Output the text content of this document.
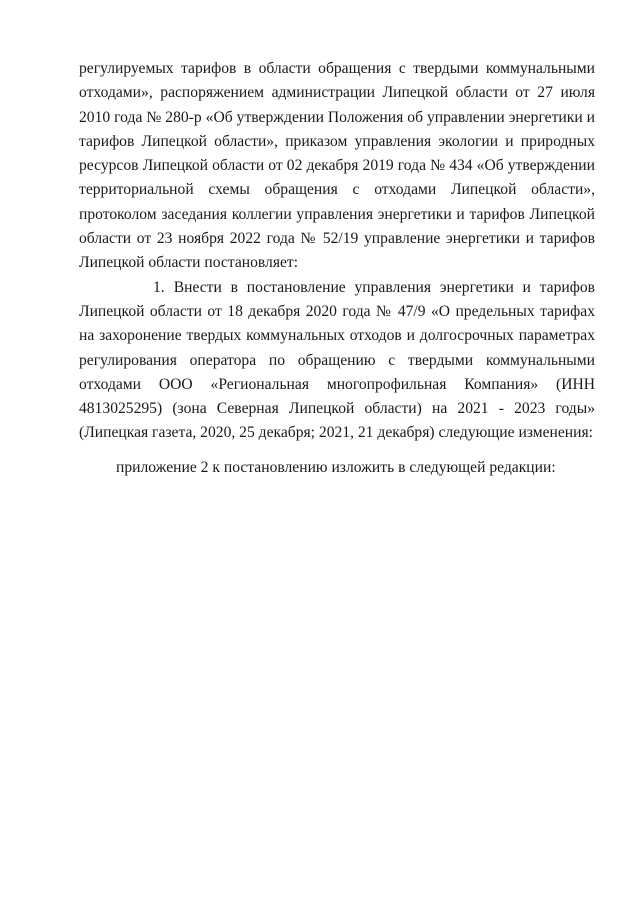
регулируемых тарифов в области обращения с твердыми коммунальными отходами», распоряжением администрации Липецкой области от 27 июля 2010 года № 280-р «Об утверждении Положения об управлении энергетики и тарифов Липецкой области», приказом управления экологии и природных ресурсов Липецкой области от 02 декабря 2019 года № 434 «Об утверждении территориальной схемы обращения с отходами Липецкой области», протоколом заседания коллегии управления энергетики и тарифов Липецкой области от 23 ноября 2022 года № 52/19 управление энергетики и тарифов Липецкой области постановляет:

1. Внести в постановление управления энергетики и тарифов Липецкой области от 18 декабря 2020 года № 47/9 «О предельных тарифах на захоронение твердых коммунальных отходов и долгосрочных параметрах регулирования оператора по обращению с твердыми коммунальными отходами ООО «Региональная многопрофильная Компания» (ИНН 4813025295) (зона Северная Липецкой области) на 2021 - 2023 годы» (Липецкая газета, 2020, 25 декабря; 2021, 21 декабря) следующие изменения:

приложение 2 к постановлению изложить в следующей редакции:
